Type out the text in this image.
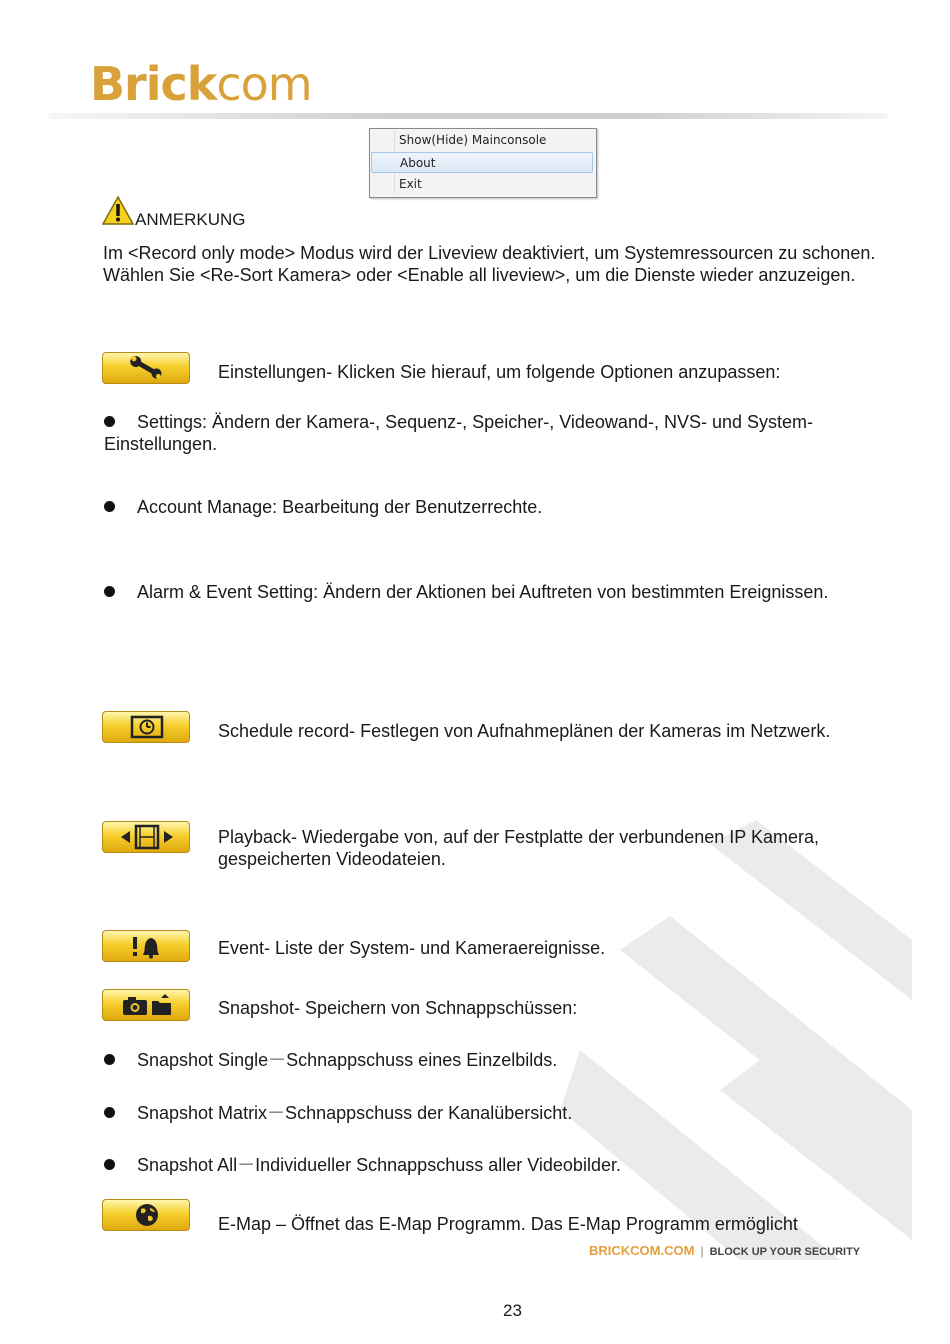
Brickcom
Show(Hide) Mainconsole
About
Exit
ANMERKUNG
Im <Record only mode> Modus wird der Liveview deaktiviert, um Systemressourcen zu schonen. Wählen Sie <Re-Sort Kamera> oder <Enable all liveview>, um die Dienste wieder anzuzeigen.
Einstellungen- Klicken Sie hierauf, um folgende Optionen anzupassen:
Settings: Ändern der Kamera-, Sequenz-, Speicher-, Videowand-, NVS- und System-Einstellungen.
Account Manage: Bearbeitung der Benutzerrechte.
Alarm & Event Setting: Ändern der Aktionen bei Auftreten von bestimmten Ereignissen.
Schedule record- Festlegen von Aufnahmeplänen der Kameras im Netzwerk.
Playback- Wiedergabe von, auf der Festplatte der verbundenen IP Kamera, gespeicherten Videodateien.
Event- Liste der System- und Kameraereignisse.
Snapshot- Speichern von Schnappschüssen:
Snapshot Single－Schnappschuss eines Einzelbilds.
Snapshot Matrix－Schnappschuss der Kanalübersicht.
Snapshot All－Individueller Schnappschuss aller Videobilder.
E-Map – Öffnet das E-Map Programm. Das E-Map Programm ermöglicht
BRICKCOM.COM | BLOCK UP YOUR SECURITY
23
